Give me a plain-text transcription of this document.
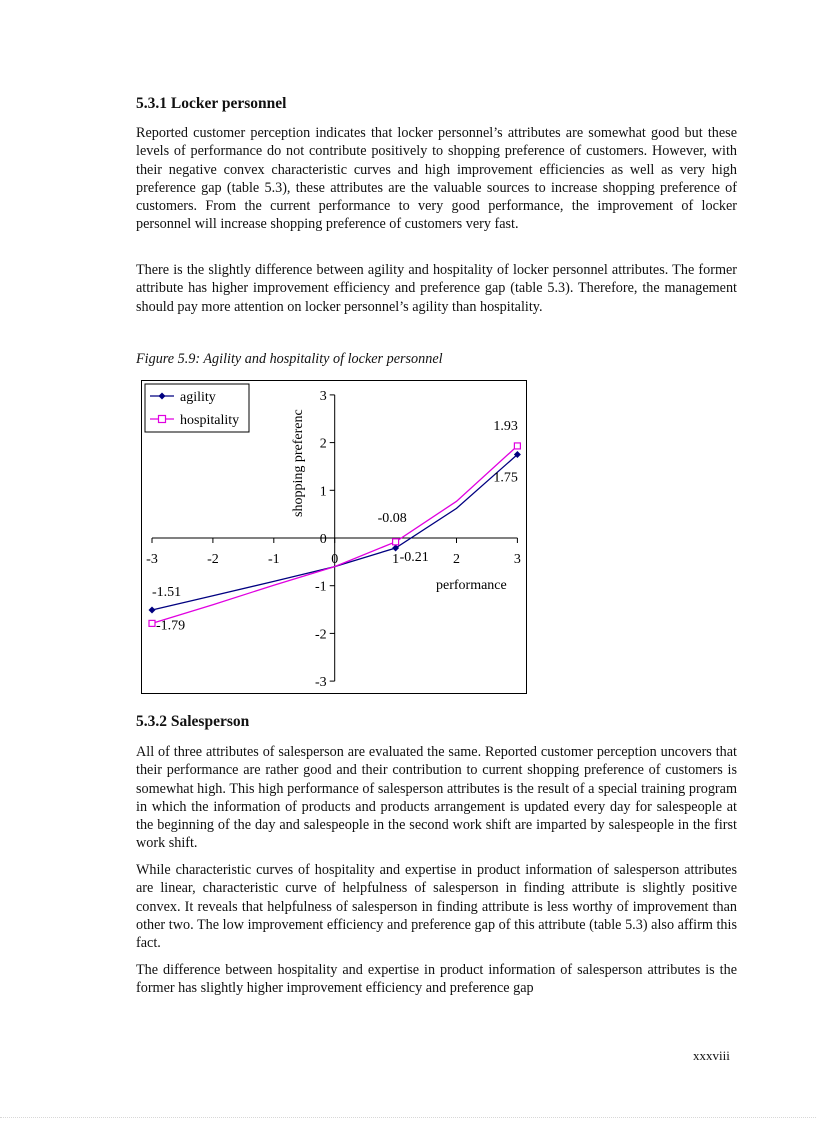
5.3.1 Locker personnel

Reported customer perception indicates that locker personnel’s attributes are somewhat good but these levels of performance do not contribute positively to shopping preference of customers. However, with their negative convex characteristic curves and high improvement efficiencies as well as very high preference gap (table 5.3), these attributes are the valuable sources to increase shopping preference of customers. From the current performance to very good performance, the improvement of locker personnel will increase shopping preference of customers very fast.

There is the slightly difference between agility and hospitality of locker personnel attributes. The former attribute has higher improvement efficiency and preference gap (table 5.3). Therefore, the management should pay more attention on locker personnel’s agility than hospitality.

Figure 5.9: Agility and hospitality of locker personnel

agility
hospitality	shopping preferenc
performance
-3	-2	-1	0	1	2	3
3
2
1
0
-1
-2
-3
-1.51
-0.21
1.75
-1.79
-0.08
1.93
5.3.2 Salesperson

All of three attributes of salesperson are evaluated the same. Reported customer perception uncovers that their performance are rather good and their contribution to current shopping preference of customers is somewhat high. This high performance of salesperson attributes is the result of a special training program in which the information of products and products arrangement is updated every day for salespeople at the beginning of the day and salespeople in the second work shift are imparted by salespeople in the first work shift.

While characteristic curves of hospitality and expertise in product information of salesperson attributes are linear, characteristic curve of helpfulness of salesperson in finding attribute is slightly positive convex. It reveals that helpfulness of salesperson in finding attribute is less worthy of improvement than other two. The low improvement efficiency and preference gap of this attribute (table 5.3) also affirm this fact.

The difference between hospitality and expertise in product information of salesperson attributes is the former has slightly higher improvement efficiency and preference gap

xxxviii
